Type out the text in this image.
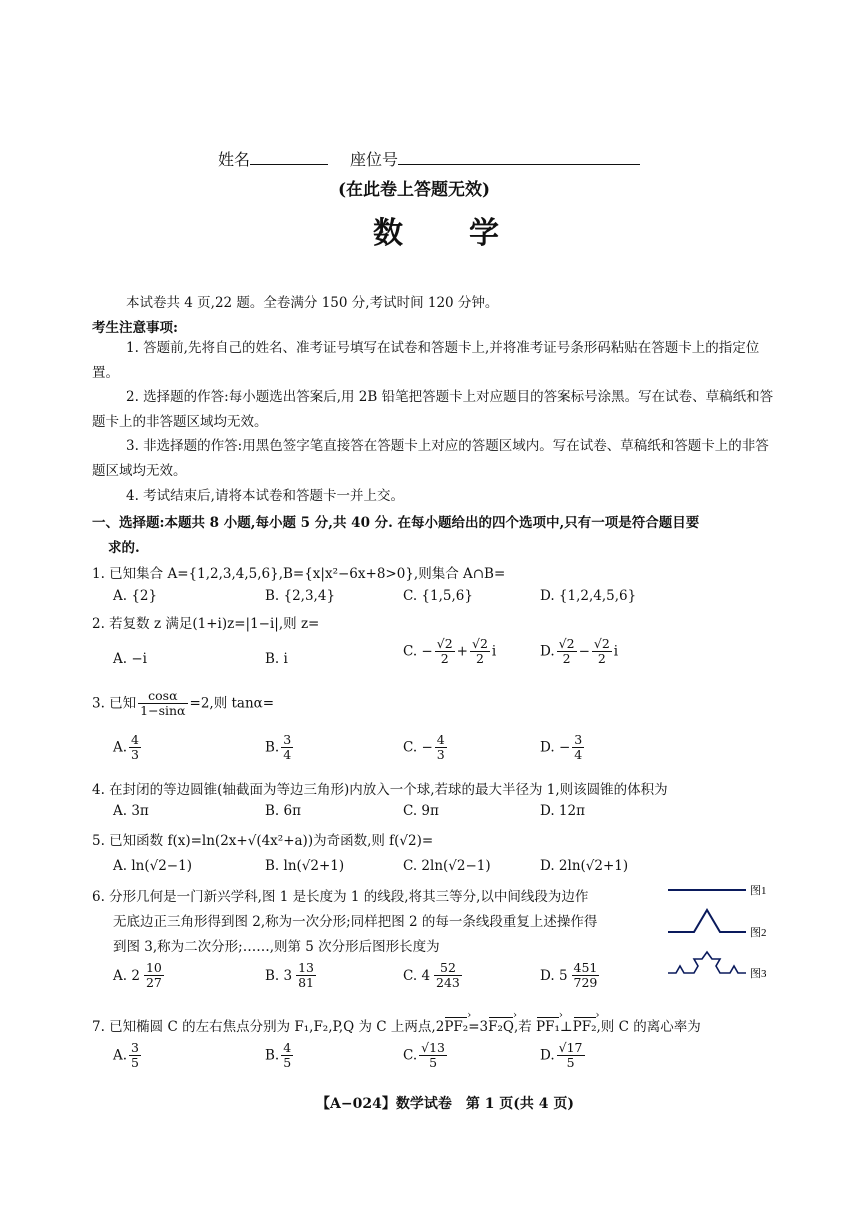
姓名	座位号
(在此卷上答题无效)
数　　学
本试卷共 4 页,22 题。全卷满分 150 分,考试时间 120 分钟。
考生注意事项:
1. 答题前,先将自己的姓名、准考证号填写在试卷和答题卡上,并将准考证号条形码粘贴在答题卡上的指定位置。
2. 选择题的作答:每小题选出答案后,用 2B 铅笔把答题卡上对应题目的答案标号涂黑。写在试卷、草稿纸和答题卡上的非答题区域均无效。
3. 非选择题的作答:用黑色签字笔直接答在答题卡上对应的答题区域内。写在试卷、草稿纸和答题卡上的非答题区域均无效。
4. 考试结束后,请将本试卷和答题卡一并上交。
一、选择题:本题共 8 小题,每小题 5 分,共 40 分. 在每小题给出的四个选项中,只有一项是符合题目要
求的.
1. 已知集合 A={1,2,3,4,5,6},B={x|x²−6x+8>0},则集合 A∩B=
A. {2}	B. {2,3,4}	C. {1,5,6}	D. {1,2,4,5,6}
2. 若复数 z 满足(1+i)z=|1−i|,则 z=
A. −i	B. i	C. − $\frac{√2}{2} + \frac{√2}{2}$ i	D. $\frac{√2}{2} - \frac{√2}{2}$ i
3. 已知 $\frac{\cos\alpha}{1-\sin\alpha} =2$,则 tanα=
A. $\frac{4}{3}$	B. $\frac{3}{4}$	C. − $\frac{4}{3}$	D. − $\frac{3}{4}$
4. 在封闭的等边圆锥(轴截面为等边三角形)内放入一个球,若球的最大半径为 1,则该圆锥的体积为
A. 3π	B. 6π	C. 9π	D. 12π
5. 已知函数 f(x)=ln(2x+√(4x²+a))为奇函数,则 f(√2)=
A. ln(√2−1)	B. ln(√2+1)	C. 2ln(√2−1)	D. 2ln(√2+1)
6. 分形几何是一门新兴学科,图 1 是长度为 1 的线段,将其三等分,以中间线段为边作
无底边正三角形得到图 2,称为一次分形;同样把图 2 的每一条线段重复上述操作得
到图 3,称为二次分形;……,则第 5 次分形后图形长度为
A. $2 \frac{10}{27}$	B. $3 \frac{13}{81}$	C. $4 \frac{52}{243}$	D. $5 \frac{451}{729}$
图1
图2
图3
7. 已知椭圆 C 的左右焦点分别为 F₁,F₂,P,Q 为 C 上两点,2PF₂ ›=3F₂Q ›,若 PF₁ ›⊥PF₂ ›,则 C 的离心率为
A. $\frac{3}{5}$	B. $\frac{4}{5}$	C. $\frac{√13}{5}$	D. $\frac{√17}{5}$
【A−024】数学试卷　第 1 页(共 4 页)
